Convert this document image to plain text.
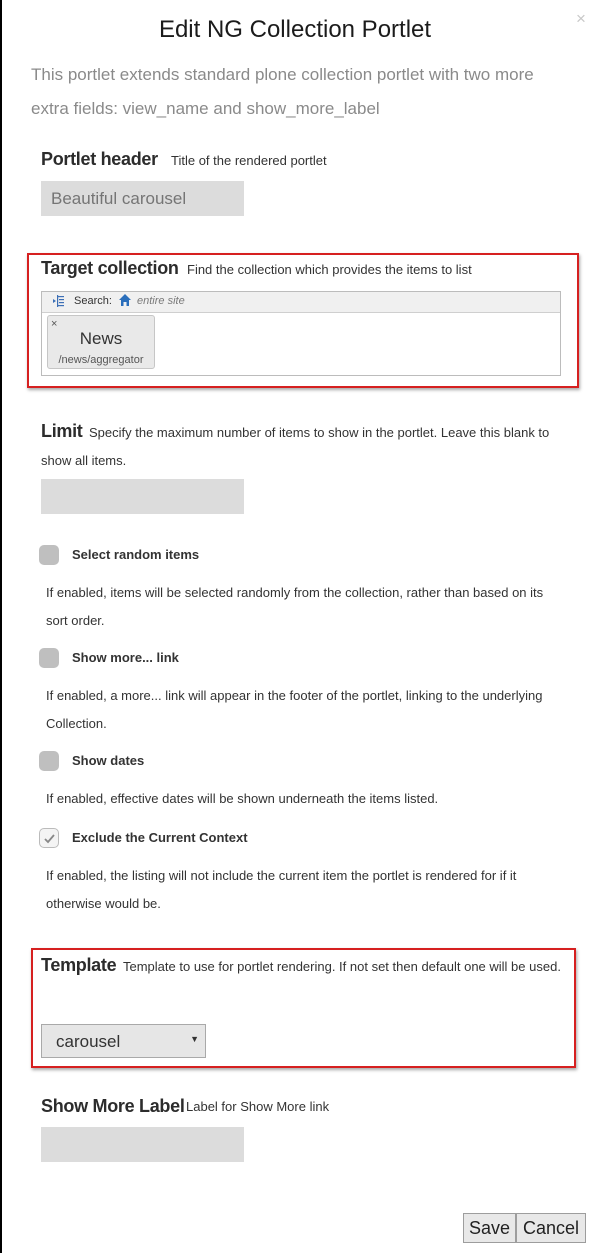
×
Edit NG Collection Portlet
This portlet extends standard plone collection portlet with two more extra fields: view_name and show_more_label
Portlet header Title of the rendered portlet
Beautiful carousel
Target collection Find the collection which provides the items to list
Search: entire site
×
News
/news/aggregator
Limit Specify the maximum number of items to show in the portlet. Leave this blank to show all items.
Select random items
If enabled, items will be selected randomly from the collection, rather than based on its sort order.
Show more... link
If enabled, a more... link will appear in the footer of the portlet, linking to the underlying Collection.
Show dates
If enabled, effective dates will be shown underneath the items listed.
Exclude the Current Context
If enabled, the listing will not include the current item the portlet is rendered for if it otherwise would be.
Template Template to use for portlet rendering. If not set then default one will be used.
carousel	▼
Show More Label Label for Show More link
Save Cancel
